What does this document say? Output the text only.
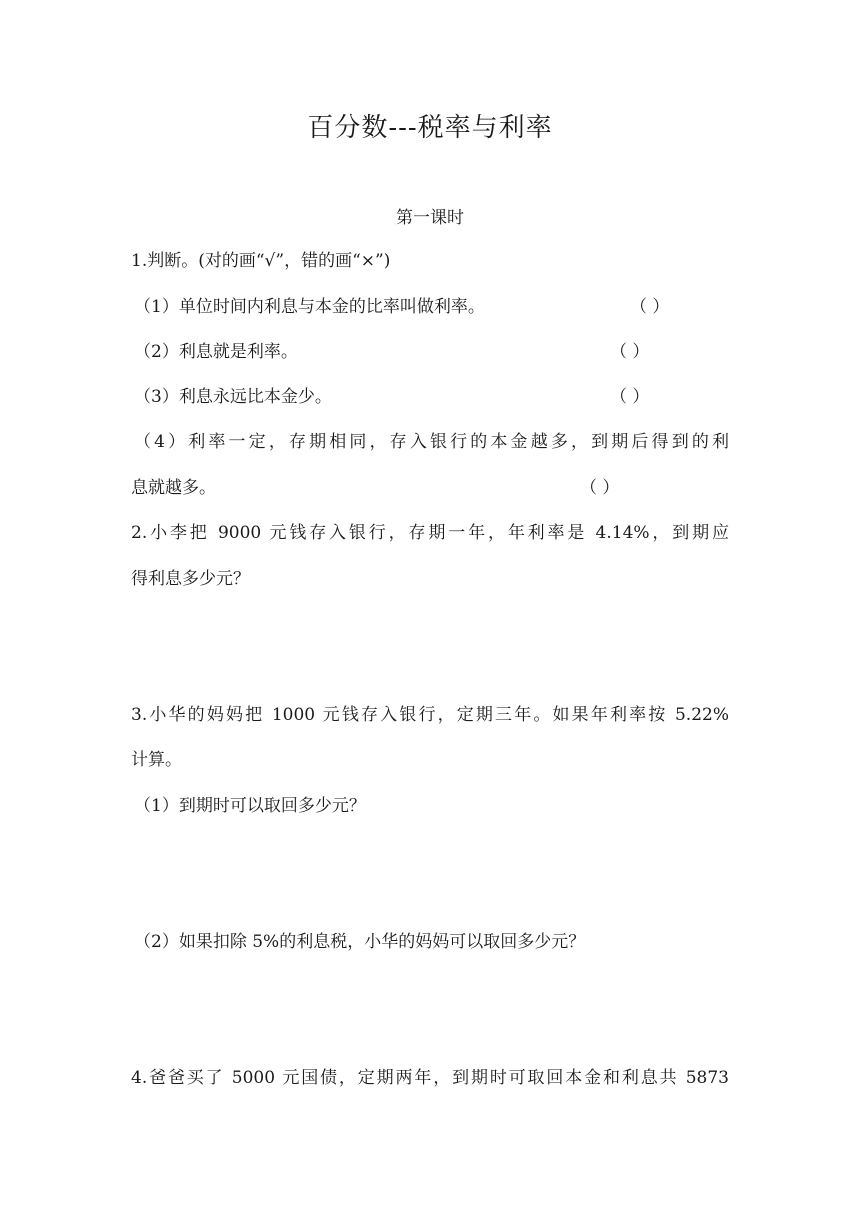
百分数---税率与利率
第一课时
1.判断。(对的画“√”，错的画“×”)
（1）单位时间内利息与本金的比率叫做利率。	（ ）
（2）利息就是利率。	（ ）
（3）利息永远比本金少。	（ ）
（4）利率一定，存期相同，存入银行的本金越多，到期后得到的利
息就越多。	（ ）
2.小李把 9000 元钱存入银行，存期一年，年利率是 4.14%，到期应
得利息多少元？
3.小华的妈妈把 1000 元钱存入银行，定期三年。如果年利率按 5.22%
计算。
（1）到期时可以取回多少元？
（2）如果扣除 5%的利息税，小华的妈妈可以取回多少元？
4.爸爸买了 5000 元国债，定期两年，到期时可取回本金和利息共 5873
